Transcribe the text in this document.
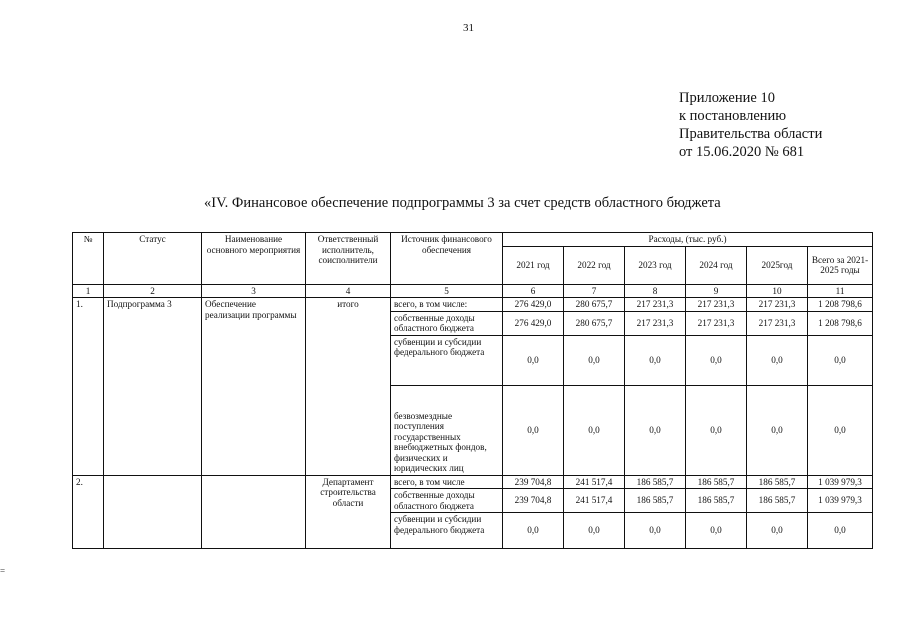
31
Приложение 10
к постановлению
Правительства области
от 15.06.2020 № 681
«IV. Финансовое обеспечение подпрограммы 3 за счет средств областного бюджета
№	Статус	Наименование основного мероприятия	Ответственный исполнитель, соисполнители	Источник финансового обеспечения	Расходы, (тыс. руб.)					
					2021 год	2022 год	2023 год	2024 год	2025год	Всего за 2021-2025 годы
1	2	3	4	5	6	7	8	9	10	11
1.	Подпрограмма 3	Обеспечение реализации программы	итого	всего, в том числе:	276 429,0	280 675,7	217 231,3	217 231,3	217 231,3	1 208 798,6
				собственные доходы областного бюджета	276 429,0	280 675,7	217 231,3	217 231,3	217 231,3	1 208 798,6
				субвенции и субсидии федерального бюджета	0,0	0,0	0,0	0,0	0,0	0,0
				безвозмездные поступления государственных внебюджетных фондов, физических и юридических лиц	0,0	0,0	0,0	0,0	0,0	0,0
2.			Департамент строительства области	всего, в том числе	239 704,8	241 517,4	186 585,7	186 585,7	186 585,7	1 039 979,3
				собственные доходы областного бюджета	239 704,8	241 517,4	186 585,7	186 585,7	186 585,7	1 039 979,3
				субвенции и субсидии федерального бюджета	0,0	0,0	0,0	0,0	0,0	0,0
=
